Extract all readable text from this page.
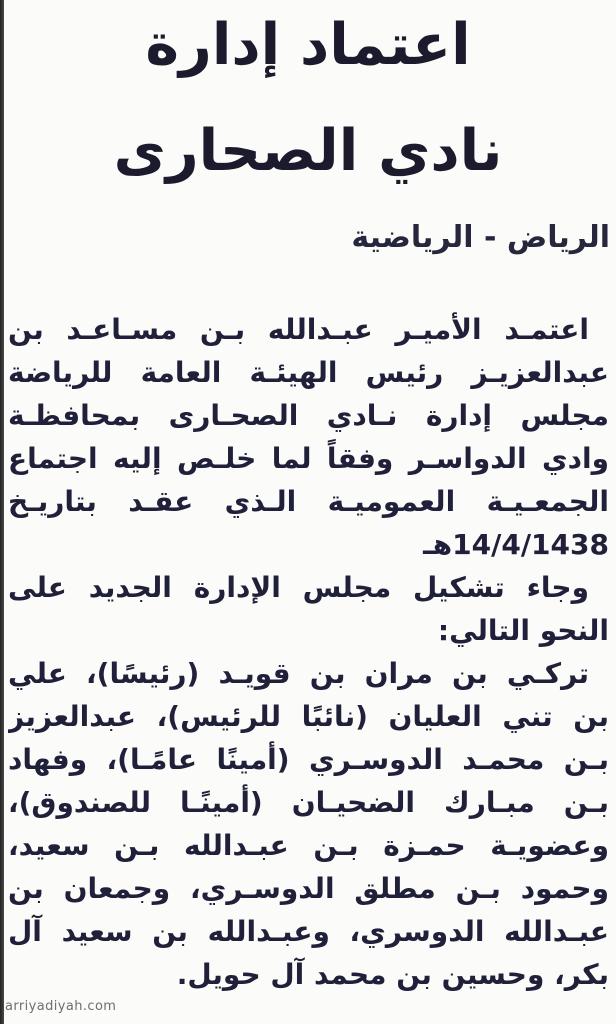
اعتماد إدارة
نادي الصحارى
الرياض - الرياضية
اعتمـد الأميـر عبـدالله بـن مسـاعـد بن
عبدالعزيـز رئيس الهيئـة العامة للرياضة
مجلس إدارة نـادي الصحـارى بمحافظـة
وادي الدواسـر وفقاً لما خلـص إليه اجتماع
الجمعـيـة العموميـة الـذي عقـد بتاريـخ
14/4/1438هـ
وجاء تشكيل مجلس الإدارة الجديد على
النحو التالي:
تركـي بن مران بن قويـد (رئيسًا)، علي
بن تني العليان (نائبًا للرئيس)، عبدالعزيز
بـن محمـد الدوسـري (أمينًا عامًـا)، وفهاد
بـن مبـارك الضحيـان (أمينًـا للصندوق)،
وعضويـة حمـزة بـن عبـدالله بـن سعيد،
وحمود بـن مطلق الدوسـري، وجمعان بن
عبـدالله الدوسري، وعبـدالله بن سعيد آل
بكر، وحسين بن محمد آل حويل.
arriyadiyah.com
